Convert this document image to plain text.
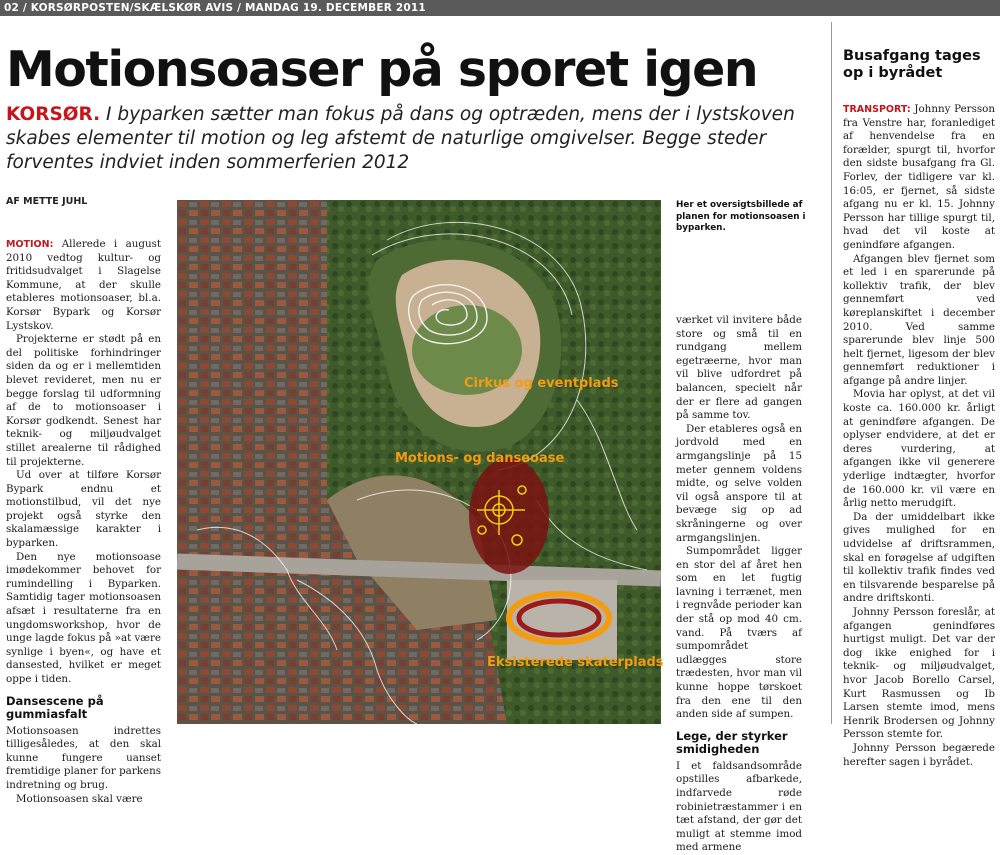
02 / KORSØRPOSTEN/SKÆLSKØR AVIS / MANDAG 19. DECEMBER 2011
Motionsoaser på sporet igen
KORSØR. I byparken sætter man fokus på dans og optræden, mens der i lystskoven skabes elementer til motion og leg afstemt de naturlige omgivelser. Begge steder forventes indviet inden sommerferien 2012
AF METTE JUHL

MOTION: Allerede i august 2010 vedtog kultur- og fritidsudvalget i Slagelse Kommune, at der skulle etableres motionsoaser, bl.a. Korsør Bypark og Korsør Lystskov.

Projekterne er stødt på en del politiske forhindringer siden da og er i mellemtiden blevet revideret, men nu er begge forslag til udformning af de to motionsoaser i Korsør godkendt. Senest har teknik- og miljøudvalget stillet arealerne til rådighed til projekterne.

Ud over at tilføre Korsør Bypark endnu et motionstilbud, vil det nye projekt også styrke den skalamæssige karakter i byparken.

Den nye motionsoase imødekommer behovet for rumindelling i Byparken. Samtidig tager motionsoasen afsæt i resultaterne fra en ungdomsworkshop, hvor de unge lagde fokus på »at være synlige i byen«, og have et dansested, hvilket er meget oppe i tiden.

Dansescene på gummiasfalt

Motionsoasen indrettes tilligesåledes, at den skal kunne fungere uanset fremtidige planer for parkens indretning og brug.

Motionsoasen skal være

Cirkus og eventplads
Motions- og danseoase
Eksisterede skaterplads
Her et oversigtsbillede af planen for motionsoasen i byparken.

værket vil invitere både store og små til en rundgang mellem egetræerne, hvor man vil blive udfordret på balancen, specielt når der er flere ad gangen på samme tov.

Der etableres også en jordvold med en armgangslinje på 15 meter gennem voldens midte, og selve volden vil også anspore til at bevæge sig op ad skråningerne og over armgangslinjen.

Sumpområdet ligger en stor del af året hen som en let fugtig lavning i terrænet, men i regnvåde perioder kan der stå op mod 40 cm. vand. På tværs af sumpområdet udlægges store trædesten, hvor man vil kunne hoppe tørskoet fra den ene til den anden side af sumpen.

Lege, der styrker smidigheden

I et faldsandsområde opstilles afbarkede, indfarvede røde robinietræstammer i en tæt afstand, der gør det muligt at stemme imod med armene

Busafgang tages op i byrådet

TRANSPORT: Johnny Persson fra Venstre har, foranlediget af henvendelse fra en forælder, spurgt til, hvorfor den sidste busafgang fra Gl. Forlev, der tidligere var kl. 16:05, er fjernet, så sidste afgang nu er kl. 15. Johnny Persson har tillige spurgt til, hvad det vil koste at genindføre afgangen.

Afgangen blev fjernet som et led i en sparerunde på kollektiv trafik, der blev gennemført ved køreplanskiftet i december 2010. Ved samme sparerunde blev linje 500 helt fjernet, ligesom der blev gennemført reduktioner i afgange på andre linjer.

Movia har oplyst, at det vil koste ca. 160.000 kr. årligt at genindføre afgangen. De oplyser endvidere, at det er deres vurdering, at afgangen ikke vil generere yderlige indtægter, hvorfor de 160.000 kr. vil være en årlig netto merudgift.

Da der umiddelbart ikke gives mulighed for en udvidelse af driftsrammen, skal en forøgelse af udgiften til kollektiv trafik findes ved en tilsvarende besparelse på andre driftskonti.

Johnny Persson foreslår, at afgangen genindføres hurtigst muligt. Det var der dog ikke enighed for i teknik- og miljøudvalget, hvor Jacob Borello Carsel, Kurt Rasmussen og Ib Larsen stemte imod, mens Henrik Brodersen og Johnny Persson stemte for.

Johnny Persson begærede herefter sagen i byrådet.
